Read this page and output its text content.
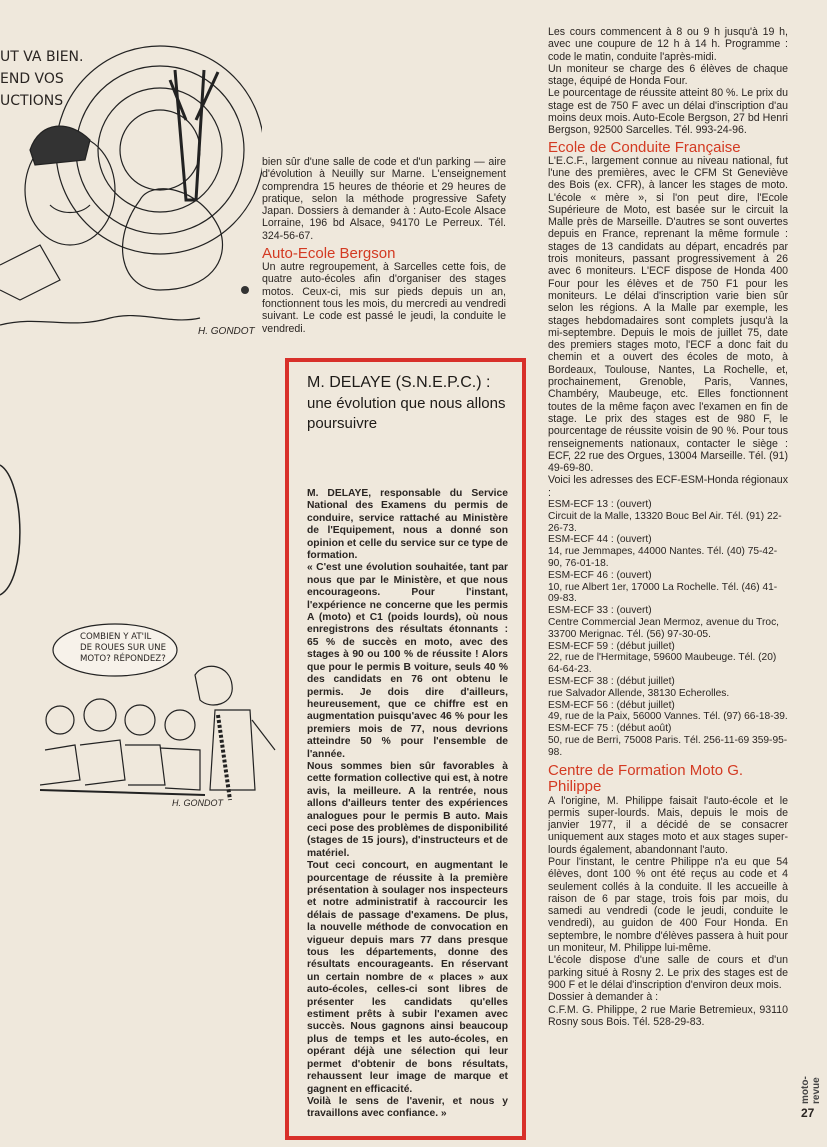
UT VA BIEN.
END VOS
UCTIONS
H. GONDOT
COMBIEN Y AT'IL
DE ROUES SUR UNE
MOTO? RÉPONDEZ?
H. GONDOT

bien sûr d'une salle de code et d'un parking — aire d'évolution à Neuilly sur Marne. L'enseignement comprendra 15 heures de théorie et 29 heures de pratique, selon la méthode progressive Safety Japan. Dossiers à demander à : Auto-Ecole Alsace Lorraine, 196 bd Alsace, 94170 Le Perreux. Tél. 324-56-67.

Auto-Ecole Bergson

Un autre regroupement, à Sarcelles cette fois, de quatre auto-écoles afin d'organiser des stages motos. Ceux-ci, mis sur pieds depuis un an, fonctionnent tous les mois, du mercredi au vendredi suivant. Le code est passé le jeudi, la conduite le vendredi.

M. DELAYE (S.N.E.P.C.) :
une évolution que nous allons poursuivre

M. DELAYE, responsable du Service National des Examens du permis de conduire, service rattaché au Ministère de l'Equipement, nous a donné son opinion et celle du service sur ce type de formation.

« C'est une évolution souhaitée, tant par nous que par le Ministère, et que nous encourageons. Pour l'instant, l'expérience ne concerne que les permis A (moto) et C1 (poids lourds), où nous enregistrons des résultats étonnants : 65 % de succès en moto, avec des stages à 90 ou 100 % de réussite ! Alors que pour le permis B voiture, seuls 40 % des candidats en 76 ont obtenu le permis. Je dois dire d'ailleurs, heureusement, que ce chiffre est en augmentation puisqu'avec 46 % pour les premiers mois de 77, nous devrions atteindre 50 % pour l'ensemble de l'année.

Nous sommes bien sûr favorables à cette formation collective qui est, à notre avis, la meilleure. A la rentrée, nous allons d'ailleurs tenter des expériences analogues pour le permis B auto. Mais ceci pose des problèmes de disponibilité (stages de 15 jours), d'instructeurs et de matériel.

Tout ceci concourt, en augmentant le pourcentage de réussite à la première présentation à soulager nos inspecteurs et notre administratif à raccourcir les délais de passage d'examens. De plus, la nouvelle méthode de convocation en vigueur depuis mars 77 dans presque tous les départements, donne des résultats encourageants. En réservant un certain nombre de « places » aux auto-écoles, celles-ci sont libres de présenter les candidats qu'elles estiment prêts à subir l'examen avec succès. Nous gagnons ainsi beaucoup plus de temps et les auto-écoles, en opérant déjà une sélection qui leur permet d'obtenir de bons résultats, rehaussent leur image de marque et gagnent en efficacité.

Voilà le sens de l'avenir, et nous y travaillons avec confiance. »

Les cours commencent à 8 ou 9 h jusqu'à 19 h, avec une coupure de 12 h à 14 h. Programme : code le matin, conduite l'après-midi.

Un moniteur se charge des 6 élèves de chaque stage, équipé de Honda Four.

Le pourcentage de réussite atteint 80 %. Le prix du stage est de 750 F avec un délai d'inscription d'au moins deux mois. Auto-Ecole Bergson, 27 bd Henri Bergson, 92500 Sarcelles. Tél. 993-24-96.

Ecole de Conduite Française

L'E.C.F., largement connue au niveau national, fut l'une des premières, avec le CFM St Geneviève des Bois (ex. CFR), à lancer les stages de moto. L'école « mère », si l'on peut dire, l'Ecole Supérieure de Moto, est basée sur le circuit la Malle près de Marseille. D'autres se sont ouvertes depuis en France, reprenant la même formule : stages de 13 candidats au départ, encadrés par trois moniteurs, passant progressivement à 26 avec 6 moniteurs. L'ECF dispose de Honda 400 Four pour les élèves et de 750 F1 pour les moniteurs. Le délai d'inscription varie bien sûr selon les régions. A la Malle par exemple, les stages hebdomadaires sont complets jusqu'à la mi-septembre. Depuis le mois de juillet 75, date des premiers stages moto, l'ECF a donc fait du chemin et a ouvert des écoles de moto, à Bordeaux, Toulouse, Nantes, La Rochelle, et, prochainement, Grenoble, Paris, Vannes, Chambéry, Maubeuge, etc. Elles fonctionnent toutes de la même façon avec l'examen en fin de stage. Le prix des stages est de 980 F, le pourcentage de réussite voisin de 90 %. Pour tous renseignements nationaux, contacter le siège : ECF, 22 rue des Orgues, 13004 Marseille. Tél. (91) 49-69-80.

Voici les adresses des ECF-ESM-Honda régionaux :

ESM-ECF 13 : (ouvert)
Circuit de la Malle, 13320 Bouc Bel Air. Tél. (91) 22-26-73.
ESM-ECF 44 : (ouvert)
14, rue Jemmapes, 44000 Nantes. Tél. (40) 75-42-90, 76-01-18.
ESM-ECF 46 : (ouvert)
10, rue Albert 1er, 17000 La Rochelle. Tél. (46) 41-09-83.
ESM-ECF 33 : (ouvert)
Centre Commercial Jean Mermoz, avenue du Troc, 33700 Merignac. Tél. (56) 97-30-05.
ESM-ECF 59 : (début juillet)
22, rue de l'Hermitage, 59600 Maubeuge. Tél. (20) 64-64-23.
ESM-ECF 38 : (début juillet)
rue Salvador Allende, 38130 Echerolles.
ESM-ECF 56 : (début juillet)
49, rue de la Paix, 56000 Vannes. Tél. (97) 66-18-39.
ESM-ECF 75 : (début août)
50, rue de Berri, 75008 Paris. Tél. 256-11-69 359-95-98.
Centre de Formation Moto G. Philippe

A l'origine, M. Philippe faisait l'auto-école et le permis super-lourds. Mais, depuis le mois de janvier 1977, il a décidé de se consacrer uniquement aux stages moto et aux stages super-lourds également, abandonnant l'auto.

Pour l'instant, le centre Philippe n'a eu que 54 élèves, dont 100 % ont été reçus au code et 4 seulement collés à la conduite. Il les accueille à raison de 6 par stage, trois fois par mois, du samedi au vendredi (code le jeudi, conduite le vendredi), au guidon de 400 Four Honda. En septembre, le nombre d'élèves passera à huit pour un moniteur, M. Philippe lui-même.

L'école dispose d'une salle de cours et d'un parking situé à Rosny 2. Le prix des stages est de 900 F et le délai d'inscription d'environ deux mois.

Dossier à demander à :

C.F.M. G. Philippe, 2 rue Marie Betremieux, 93110 Rosny sous Bois. Tél. 528-29-83.

moto-revue
27
